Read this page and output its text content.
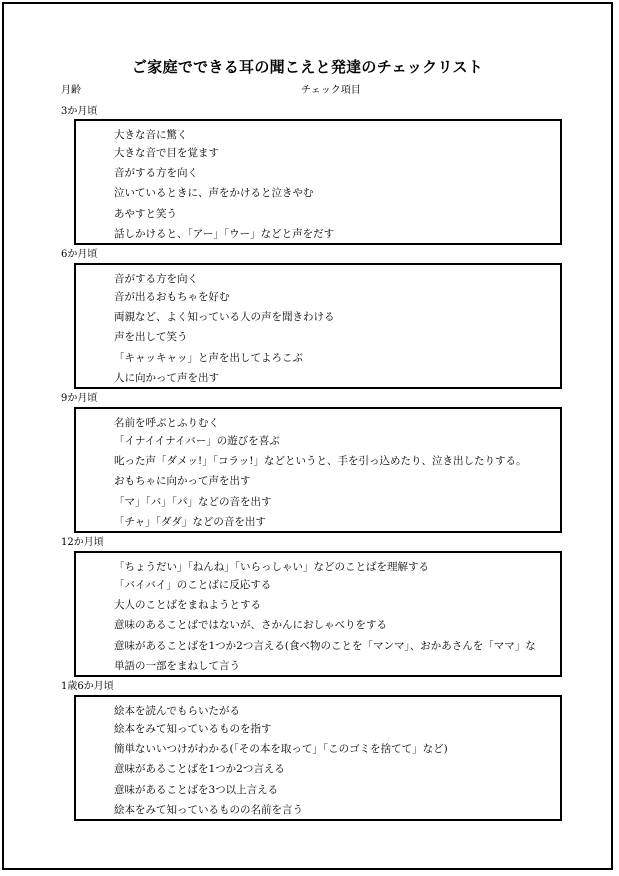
ご家庭でできる耳の聞こえと発達のチェックリスト
月齢	チェック項目
3か月頃
大きな音に驚く
大きな音で目を覚ます
音がする方を向く
泣いているときに、声をかけると泣きやむ
あやすと笑う
話しかけると、「アー」「ウー」などと声をだす
6か月頃
音がする方を向く
音が出るおもちゃを好む
両親など、よく知っている人の声を聞きわける
声を出して笑う
「キャッキャッ」と声を出してよろこぶ
人に向かって声を出す
9か月頃
名前を呼ぶとふりむく
「イナイイナイバー」の遊びを喜ぶ
叱った声「ダメッ!」「コラッ!」などというと、手を引っ込めたり、泣き出したりする。
おもちゃに向かって声を出す
「マ」「バ」「パ」などの音を出す
「チャ」「ダダ」などの音を出す
12か月頃
「ちょうだい」「ねんね」「いらっしゃい」などのことばを理解する
「バイバイ」のことばに反応する
大人のことばをまねようとする
意味のあることばではないが、さかんにおしゃべりをする
意味があることばを1つか2つ言える(食べ物のことを「マンマ」、おかあさんを「ママ」な
単語の一部をまねして言う
1歳6か月頃
絵本を読んでもらいたがる
絵本をみて知っているものを指す
簡単ないいつけがわかる(「その本を取って」「このゴミを捨てて」など)
意味があることばを1つか2つ言える
意味があることばを3つ以上言える
絵本をみて知っているものの名前を言う
